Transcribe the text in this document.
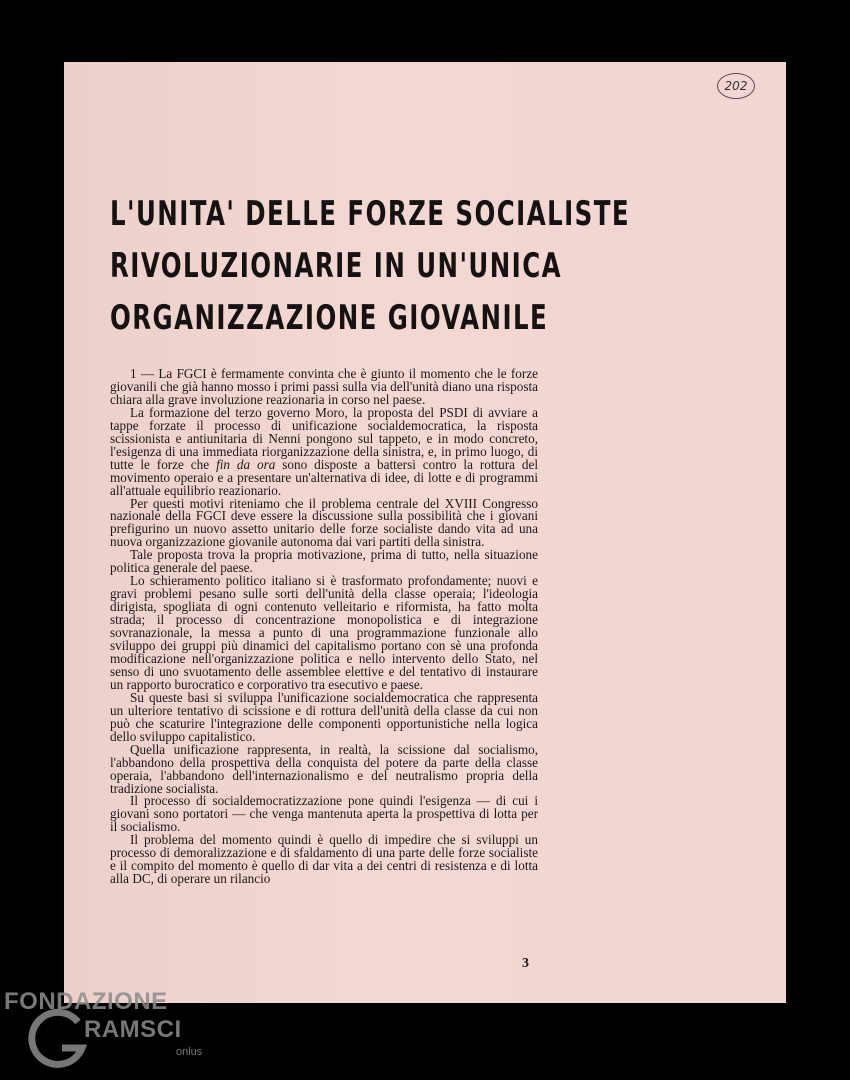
202
L'UNITA' DELLE FORZE SOCIALISTE
RIVOLUZIONARIE IN UN'UNICA
ORGANIZZAZIONE GIOVANILE

1 — La FGCI è fermamente convinta che è giunto il momento che le forze giovanili che già hanno mosso i primi passi sulla via dell'unità diano una risposta chiara alla grave involuzione reazionaria in corso nel paese.

La formazione del terzo governo Moro, la proposta del PSDI di avviare a tappe forzate il processo di unificazione socialdemocratica, la risposta scissionista e antiunitaria di Nenni pongono sul tappeto, e in modo concreto, l'esigenza di una immediata riorganizzazione della sinistra, e, in primo luogo, di tutte le forze che fin da ora sono disposte a battersi contro la rottura del movimento operaio e a presentare un'alternativa di idee, di lotte e di programmi all'attuale equilibrio reazionario.

Per questi motivi riteniamo che il problema centrale del XVIII Congresso nazionale della FGCI deve essere la discussione sulla possibilità che i giovani prefigurino un nuovo assetto unitario delle forze socialiste dando vita ad una nuova organizzazione giovanile autonoma dai vari partiti della sinistra.

Tale proposta trova la propria motivazione, prima di tutto, nella situazione politica generale del paese.

Lo schieramento politico italiano si è trasformato profondamente; nuovi e gravi problemi pesano sulle sorti dell'unità della classe operaia; l'ideologia dirigista, spogliata di ogni contenuto velleitario e riformista, ha fatto molta strada; il processo di concentrazione monopolistica e di integrazione sovranazionale, la messa a punto di una programmazione funzionale allo sviluppo dei gruppi più dinamici del capitalismo portano con sè una profonda modificazione nell'organizzazione politica e nello intervento dello Stato, nel senso di uno svuotamento delle assemblee elettive e del tentativo di instaurare un rapporto burocratico e corporativo tra esecutivo e paese.

Su queste basi si sviluppa l'unificazione socialdemocratica che rappresenta un ulteriore tentativo di scissione e di rottura dell'unità della classe da cui non può che scaturire l'integrazione delle componenti opportunistiche nella logica dello sviluppo capitalistico.

Quella unificazione rappresenta, in realtà, la scissione dal socialismo, l'abbandono della prospettiva della conquista del potere da parte della classe operaia, l'abbandono dell'internazionalismo e del neutralismo propria della tradizione socialista.

Il processo di socialdemocratizzazione pone quindi l'esigenza — di cui i giovani sono portatori — che venga mantenuta aperta la prospettiva di lotta per il socialismo.

Il problema del momento quindi è quello di impedire che si sviluppi un processo di demoralizzazione e di sfaldamento di una parte delle forze socialiste e il compito del momento è quello di dar vita a dei centri di resistenza e di lotta alla DC, di operare un rilancio

3
FONDAZIONE
RAMSCI
onlus
